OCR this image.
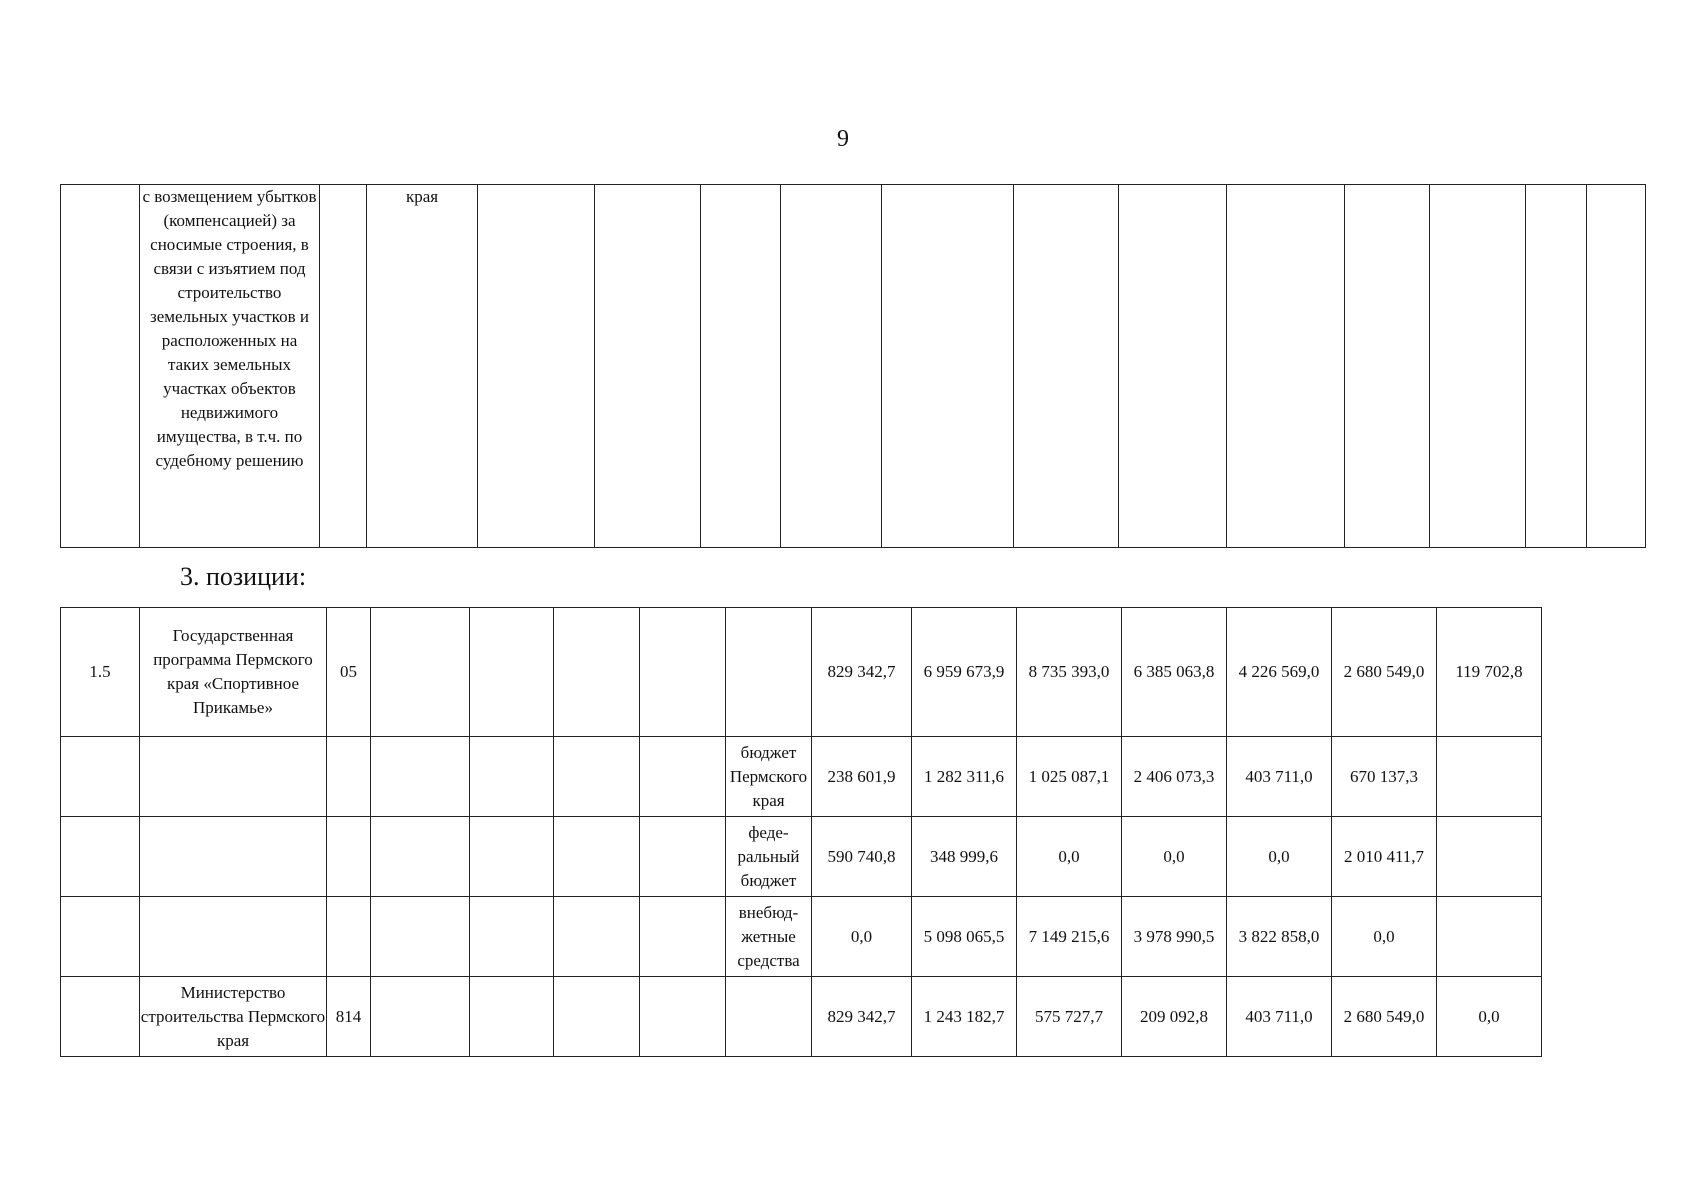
9
	с возмещением убытков (компенсацией) за сносимые строения, в связи с изъятием под строительство земельных участков и расположенных на таких земельных участках объектов недвижимого имущества, в т.ч. по судебному решению		края												
3. позиции:
1.5	Государственная программа Пермского края «Спортивное Прикамье»	05						829 342,7	6 959 673,9	8 735 393,0	6 385 063,8	4 226 569,0	2 680 549,0	119 702,8
							бюджет Пермского края	238 601,9	1 282 311,6	1 025 087,1	2 406 073,3	403 711,0	670 137,3	
							феде-ральный бюджет	590 740,8	348 999,6	0,0	0,0	0,0	2 010 411,7	
							внебюд-жетные средства	0,0	5 098 065,5	7 149 215,6	3 978 990,5	3 822 858,0	0,0	
	Министерство строительства Пермского края	814						829 342,7	1 243 182,7	575 727,7	209 092,8	403 711,0	2 680 549,0	0,0
